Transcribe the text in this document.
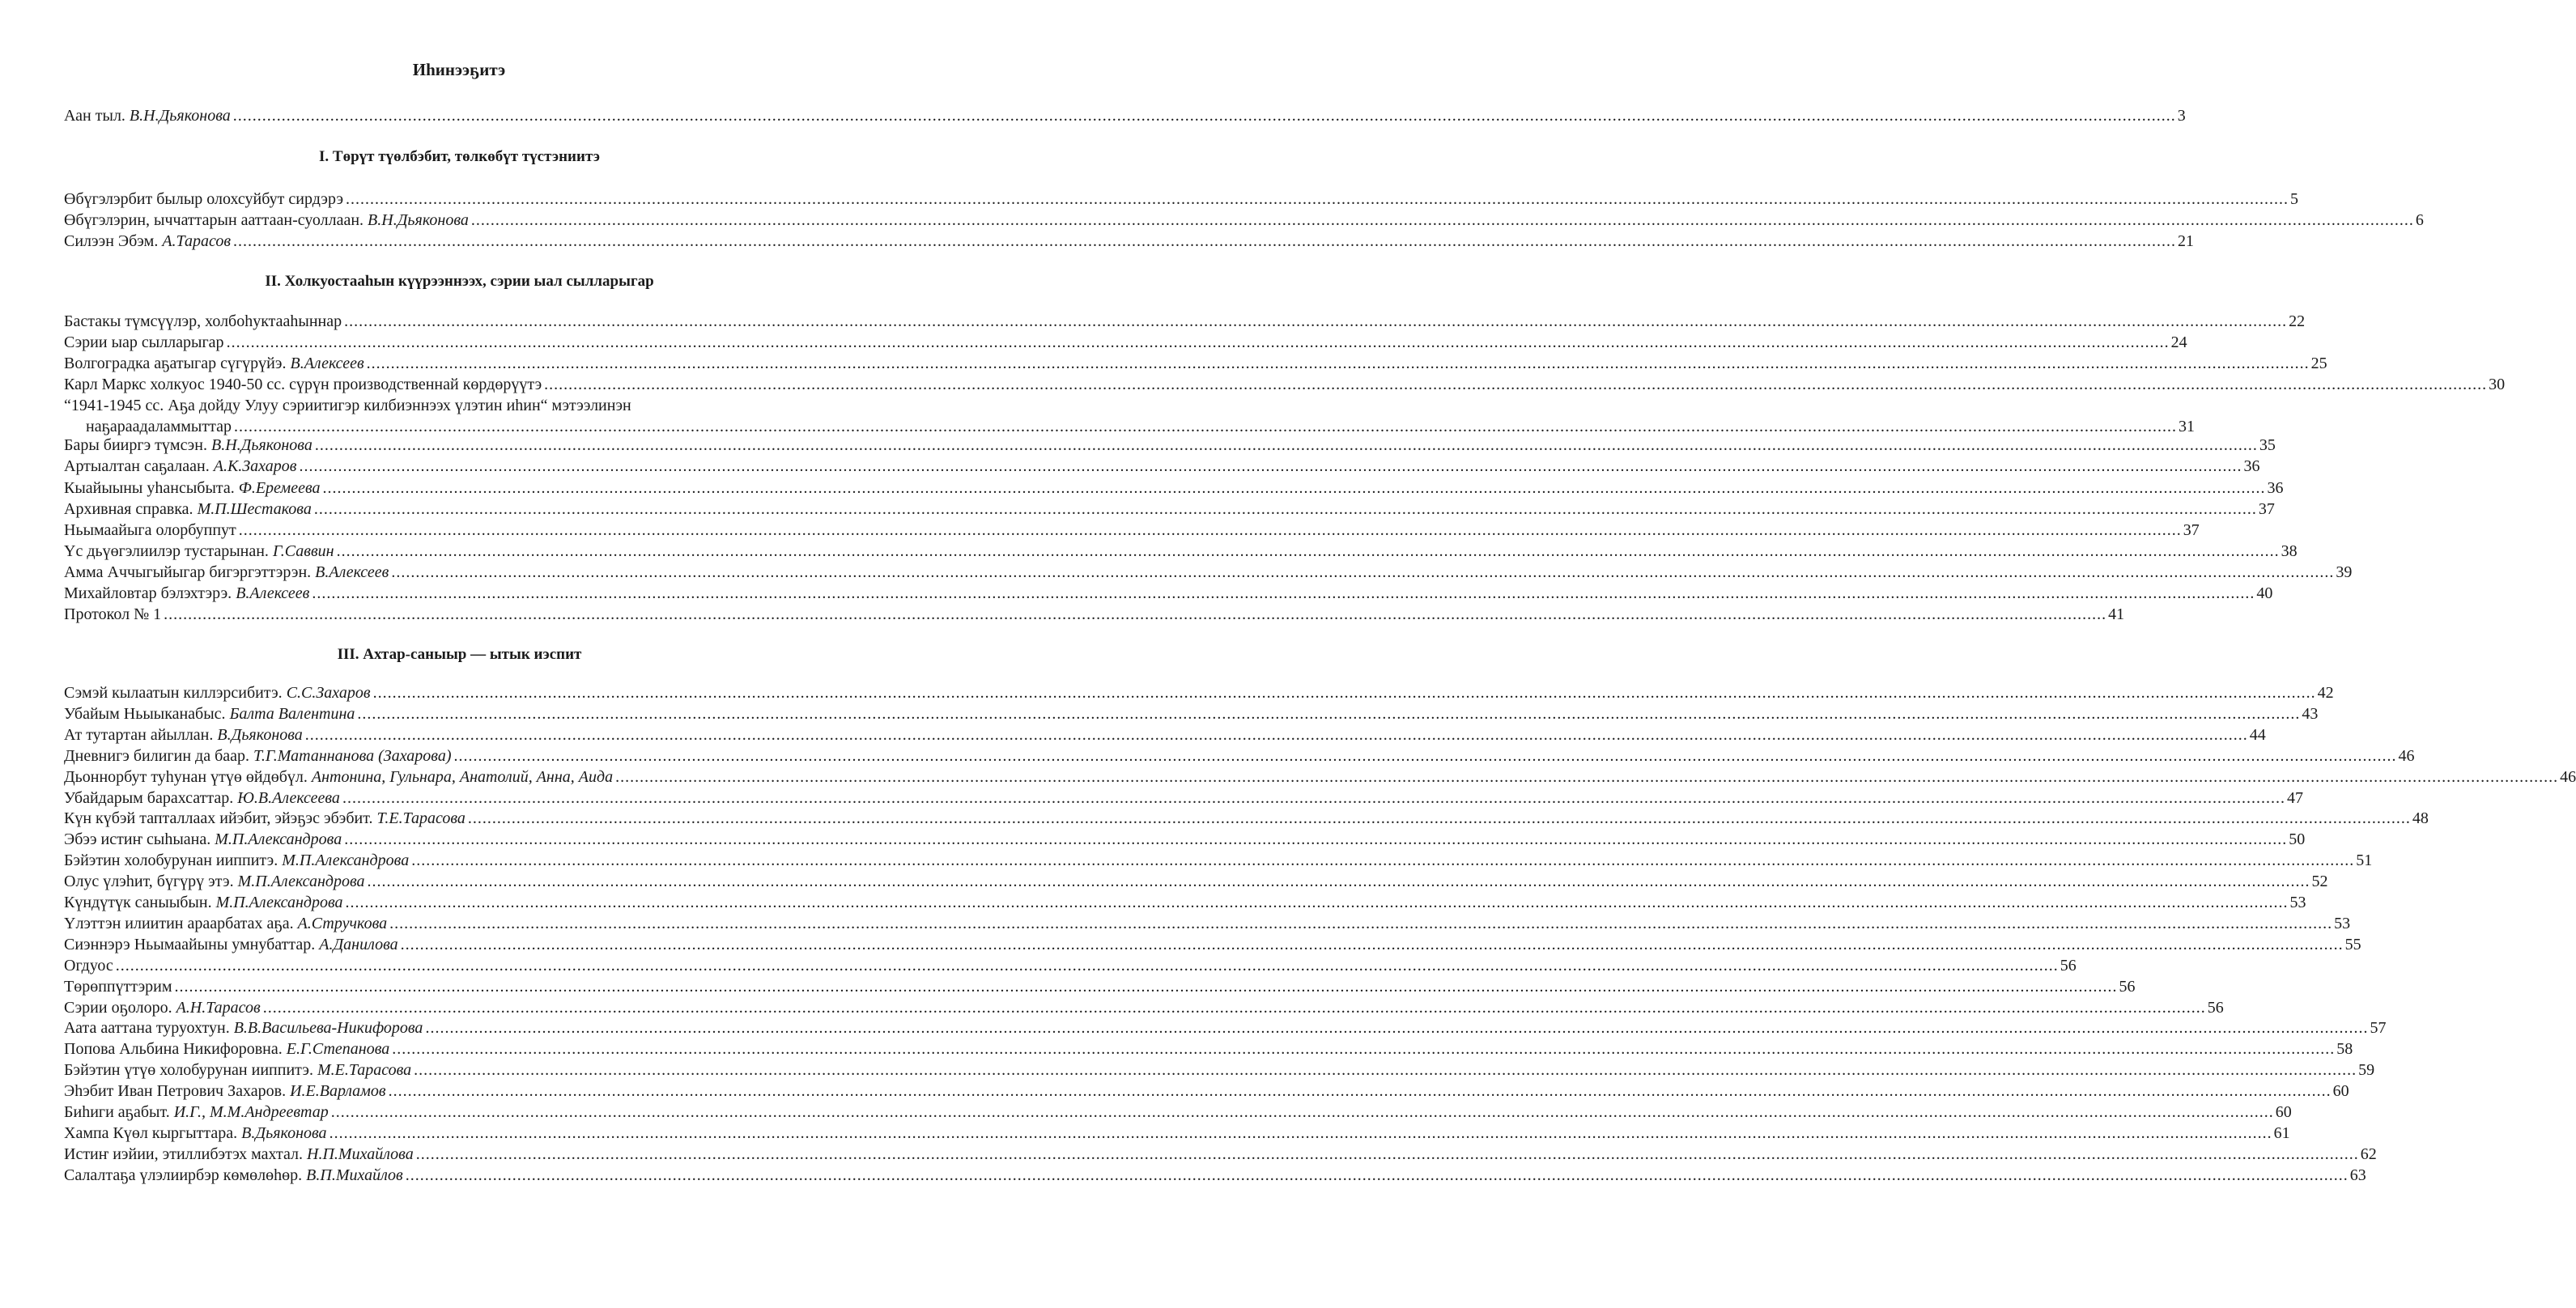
Иһинээҕитэ
Аан тыл. В.Н.Дьяконова ................................................................................................................................................................................................................................................................................................................................................................................................................ 3
I. Төрүт түөлбэбит, төлкөбүт түстэниитэ
Өбүгэлэрбит былыр олохсуйбут сирдэрэ ................................................................................................................................................................................................................................................................................................................................................................................................................ 5
Өбүгэлэрин, ыччаттарын ааттаан-суоллаан. В.Н.Дьяконова ................................................................................................................................................................................................................................................................................................................................................................................................................ 6
Силээн Эбэм. А.Тарасов ................................................................................................................................................................................................................................................................................................................................................................................................................ 21
II. Холкуостааһын күүрээннээх, сэрии ыал сылларыгар
Бастакы түмсүүлэр, холбоһуктааһыннар ................................................................................................................................................................................................................................................................................................................................................................................................................ 22
Сэрии ыар сылларыгар ................................................................................................................................................................................................................................................................................................................................................................................................................ 24
Волгоградка аҕатыгар сүгүрүйэ. В.Алексеев ................................................................................................................................................................................................................................................................................................................................................................................................................ 25
Карл Маркс холкуос 1940-50 сс. сүрүн производственнай көрдөрүүтэ ................................................................................................................................................................................................................................................................................................................................................................................................................ 30
“1941-1945 сс. Аҕа дойду Улуу сэриитигэр килбиэннээх үлэтин иһин“ мэтээлинэн
наҕараадаламмыттар ................................................................................................................................................................................................................................................................................................................................................................................................................ 31
Бары бииргэ түмсэн. В.Н.Дьяконова ................................................................................................................................................................................................................................................................................................................................................................................................................ 35
Артыалтан саҕалаан. А.К.Захаров ................................................................................................................................................................................................................................................................................................................................................................................................................ 36
Кыайыыны уһансыбыта. Ф.Еремеева ................................................................................................................................................................................................................................................................................................................................................................................................................ 36
Архивная справка. М.П.Шестакова ................................................................................................................................................................................................................................................................................................................................................................................................................ 37
Ньымаайыга олорбуппут ................................................................................................................................................................................................................................................................................................................................................................................................................ 37
Үс дьүөгэлиилэр тустарынан. Г.Саввин ................................................................................................................................................................................................................................................................................................................................................................................................................ 38
Амма Аччыгыйыгар бигэргэттэрэн. В.Алексеев ................................................................................................................................................................................................................................................................................................................................................................................................................ 39
Михайловтар бэлэхтэрэ. В.Алексеев ................................................................................................................................................................................................................................................................................................................................................................................................................ 40
Протокол № 1 ................................................................................................................................................................................................................................................................................................................................................................................................................ 41
III. Ахтар-саныыр — ытык иэспит
Сэмэй кылаатын киллэрсибитэ. С.С.Захаров ................................................................................................................................................................................................................................................................................................................................................................................................................ 42
Убайым Ньыыканабыс. Балта Валентина ................................................................................................................................................................................................................................................................................................................................................................................................................ 43
Ат тутартан айыллан. В.Дьяконова ................................................................................................................................................................................................................................................................................................................................................................................................................ 44
Дневнигэ билигин да баар. Т.Г.Матаннанова (Захарова) ................................................................................................................................................................................................................................................................................................................................................................................................................ 46
Дьоннорбут туһунан үтүө өйдөбүл. Антонина, Гульнара, Анатолий, Анна, Аида ................................................................................................................................................................................................................................................................................................................................................................................................................ 46
Убайдарым барахсаттар. Ю.В.Алексеева ................................................................................................................................................................................................................................................................................................................................................................................................................ 47
Күн күбэй тапталлаах ийэбит, эйэҕэс эбэбит. Т.Е.Тарасова ................................................................................................................................................................................................................................................................................................................................................................................................................ 48
Эбээ истиҥ сыһыана. М.П.Александрова ................................................................................................................................................................................................................................................................................................................................................................................................................ 50
Бэйэтин холобурунан ииппитэ. М.П.Александрова ................................................................................................................................................................................................................................................................................................................................................................................................................ 51
Олус үлэһит, бүгүрү этэ. М.П.Александрова ................................................................................................................................................................................................................................................................................................................................................................................................................ 52
Күндүтүк саныыбын. М.П.Александрова ................................................................................................................................................................................................................................................................................................................................................................................................................ 53
Үлэттэн илиитин араарбатах аҕа. А.Стручкова ................................................................................................................................................................................................................................................................................................................................................................................................................ 53
Сиэннэрэ Ньымаайыны умнубаттар. А.Данилова ................................................................................................................................................................................................................................................................................................................................................................................................................ 55
Огдуос ................................................................................................................................................................................................................................................................................................................................................................................................................ 56
Төрөппүттэрим ................................................................................................................................................................................................................................................................................................................................................................................................................ 56
Сэрии оҕолоро. А.Н.Тарасов ................................................................................................................................................................................................................................................................................................................................................................................................................ 56
Аата ааттана туруохтун. В.В.Васильева-Никифорова ................................................................................................................................................................................................................................................................................................................................................................................................................ 57
Попова Альбина Никифоровна. Е.Г.Степанова ................................................................................................................................................................................................................................................................................................................................................................................................................ 58
Бэйэтин үтүө холобурунан ииппитэ. М.Е.Тарасова ................................................................................................................................................................................................................................................................................................................................................................................................................ 59
Эһэбит Иван Петрович Захаров. И.Е.Варламов ................................................................................................................................................................................................................................................................................................................................................................................................................ 60
Биһиги аҕабыт. И.Г., М.М.Андреевтар ................................................................................................................................................................................................................................................................................................................................................................................................................ 60
Хампа Күөл кыргыттара. В.Дьяконова ................................................................................................................................................................................................................................................................................................................................................................................................................ 61
Истиҥ иэйии, этиллибэтэх махтал. Н.П.Михайлова ................................................................................................................................................................................................................................................................................................................................................................................................................ 62
Салалтаҕа үлэлиирбэр көмөлөһөр. В.П.Михайлов ................................................................................................................................................................................................................................................................................................................................................................................................................ 63
